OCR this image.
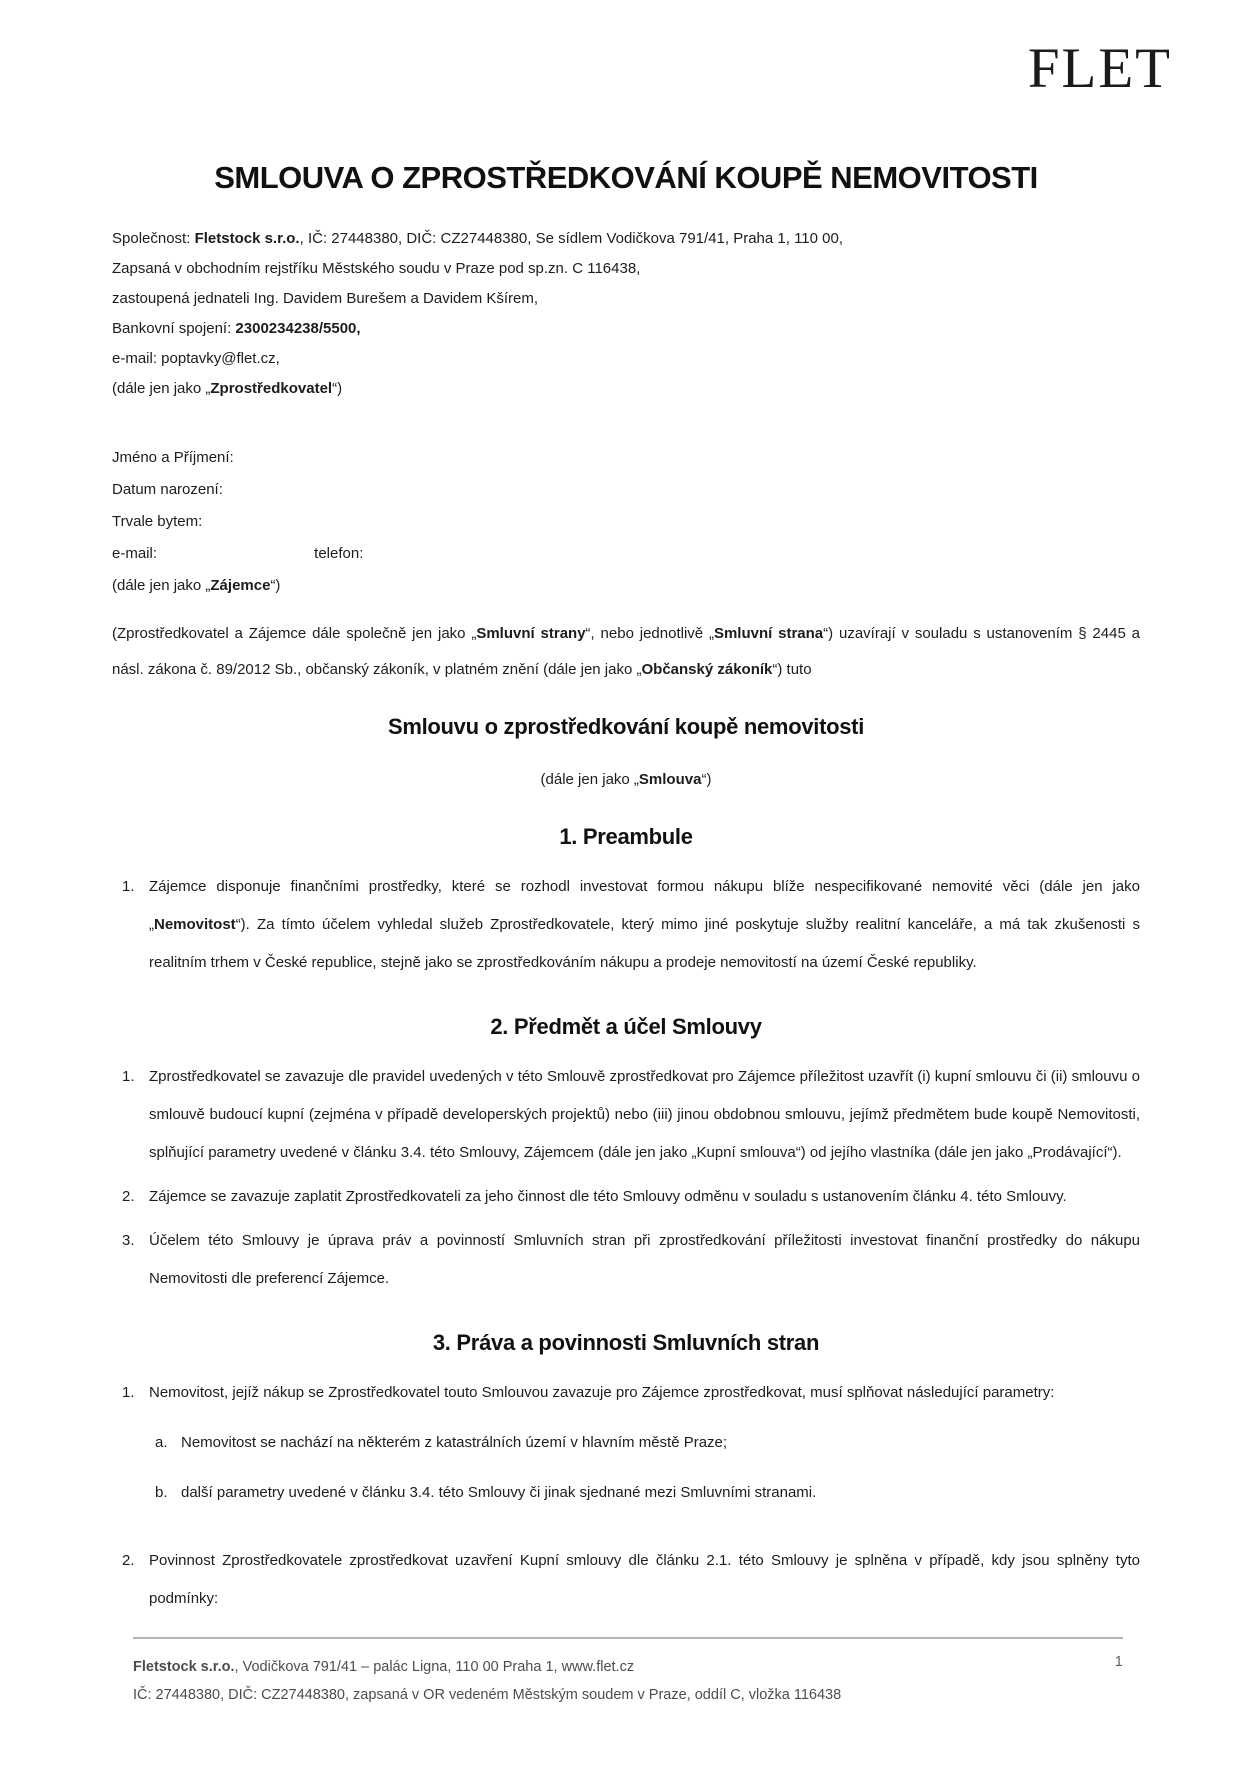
FLET
SMLOUVA O ZPROSTŘEDKOVÁNÍ KOUPĚ NEMOVITOSTI

Společnost: Fletstock s.r.o., IČ: 27448380, DIČ: CZ27448380, Se sídlem Vodičkova 791/41, Praha 1, 110 00,

Zapsaná v obchodním rejstříku Městského soudu v Praze pod sp.zn. C 116438,

zastoupená jednateli Ing. Davidem Burešem a Davidem Kšírem,

Bankovní spojení: 2300234238/5500,

e-mail: poptavky@flet.cz,

(dále jen jako „Zprostředkovatel“)

Jméno a Příjmení:

Datum narození:

Trvale bytem:

e-mail:	telefon:

(dále jen jako „Zájemce“)

(Zprostředkovatel a Zájemce dále společně jen jako „Smluvní strany“, nebo jednotlivě „Smluvní strana“) uzavírají v souladu s ustanovením § 2445 a násl. zákona č. 89/2012 Sb., občanský zákoník, v platném znění (dále jen jako „Občanský zákoník“) tuto

Smlouvu o zprostředkování koupě nemovitosti

(dále jen jako „Smlouva“)

1. Preambule
1. Zájemce disponuje finančními prostředky, které se rozhodl investovat formou nákupu blíže nespecifikované nemovité věci (dále jen jako „Nemovitost“). Za tímto účelem vyhledal služeb Zprostředkovatele, který mimo jiné poskytuje služby realitní kanceláře, a má tak zkušenosti s realitním trhem v České republice, stejně jako se zprostředkováním nákupu a prodeje nemovitostí na území České republiky.
2. Předmět a účel Smlouvy
1. Zprostředkovatel se zavazuje dle pravidel uvedených v této Smlouvě zprostředkovat pro Zájemce příležitost uzavřít (i) kupní smlouvu či (ii) smlouvu o smlouvě budoucí kupní (zejména v případě developerských projektů) nebo (iii) jinou obdobnou smlouvu, jejímž předmětem bude koupě Nemovitosti, splňující parametry uvedené v článku 3.4. této Smlouvy, Zájemcem (dále jen jako „Kupní smlouva“) od jejího vlastníka (dále jen jako „Prodávající“).
2. Zájemce se zavazuje zaplatit Zprostředkovateli za jeho činnost dle této Smlouvy odměnu v souladu s ustanovením článku 4. této Smlouvy.
3. Účelem této Smlouvy je úprava práv a povinností Smluvních stran při zprostředkování příležitosti investovat finanční prostředky do nákupu Nemovitosti dle preferencí Zájemce.
3. Práva a povinnosti Smluvních stran
1. Nemovitost, jejíž nákup se Zprostředkovatel touto Smlouvou zavazuje pro Zájemce zprostředkovat, musí splňovat následující parametry:
a. Nemovitost se nachází na některém z katastrálních území v hlavním městě Praze;
b. další parametry uvedené v článku 3.4. této Smlouvy či jinak sjednané mezi Smluvními stranami.
2. Povinnost Zprostředkovatele zprostředkovat uzavření Kupní smlouvy dle článku 2.1. této Smlouvy je splněna v případě, kdy jsou splněny tyto podmínky:

Fletstock s.r.o., Vodičkova 791/41 – palác Ligna, 110 00 Praha 1, www.flet.cz

IČ: 27448380, DIČ: CZ27448380, zapsaná v OR vedeném Městským soudem v Praze, oddíl C, vložka 116438

1
